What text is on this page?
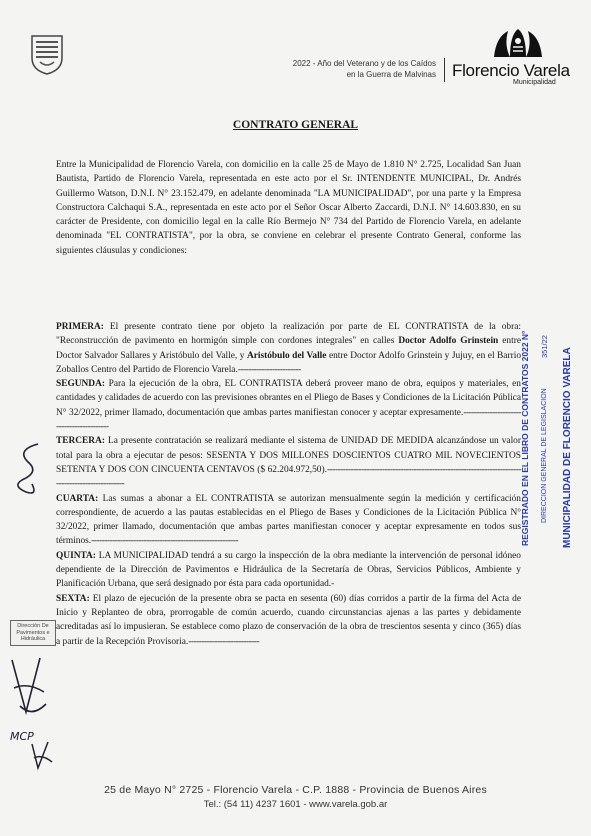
2022 - Año del Veterano y de los Caídos
en la Guerra de Malvinas Florencio Varela
Municipalidad
CONTRATO GENERAL

Entre la Municipalidad de Florencio Varela, con domicilio en la calle 25 de Mayo de 1.810 N° 2.725, Localidad San Juan Bautista, Partido de Florencio Varela, representada en este acto por el Sr. INTENDENTE MUNICIPAL, Dr. Andrés Guillermo Watson, D.N.I. N° 23.152.479, en adelante denominada "LA MUNICIPALIDAD", por una parte y la Empresa Constructora Calchaqui S.A., representada en este acto por el Señor Oscar Alberto Zaccardi, D.N.I. N° 14.603.830, en su carácter de Presidente, con domicilio legal en la calle Río Bermejo N° 734 del Partido de Florencio Varela, en adelante denominada "EL CONTRATISTA", por la obra, se conviene en celebrar el presente Contrato General, conforme las siguientes cláusulas y condiciones:

PRIMERA: El presente contrato tiene por objeto la realización por parte de EL CONTRATISTA de la obra: "Reconstrucción de pavimento en hormigón simple con cordones integrales" en calles Doctor Adolfo Grinstein entre Doctor Salvador Sallares y Aristóbulo del Valle, y Aristóbulo del Valle entre Doctor Adolfo Grinstein y Jujuy, en el Barrio Zoballos Centro del Partido de Florencio Varela.------------------------

SEGUNDA: Para la ejecución de la obra, EL CONTRATISTA deberá proveer mano de obra, equipos y materiales, en cantidades y calidades de acuerdo con las previsiones obrantes en el Pliego de Bases y Condiciones de la Licitación Pública N° 32/2022, primer llamado, documentación que ambas partes manifiestan conocer y aceptar expresamente.------------------------------------------

TERCERA: La presente contratación se realizará mediante el sistema de UNIDAD DE MEDIDA alcanzándose un valor total para la obra a ejecutar de pesos: SESENTA Y DOS MILLONES DOSCIENTOS CUATRO MIL NOVECIENTOS SETENTA Y DOS CON CINCUENTA CENTAVOS ($ 62.204.972,50).----------------------------------------------------------------------------------------------------

CUARTA: Las sumas a abonar a EL CONTRATISTA se autorizan mensualmente según la medición y certificación correspondiente, de acuerdo a las pautas establecidas en el Pliego de Bases y Condiciones de la Licitación Pública N° 32/2022, primer llamado, documentación que ambas partes manifiestan conocer y aceptar expresamente en todos sus términos.--------------------------------------------------------

QUINTA: LA MUNICIPALIDAD tendrá a su cargo la inspección de la obra mediante la intervención de personal idóneo dependiente de la Dirección de Pavimentos e Hidráulica de la Secretaría de Obras, Servicios Públicos, Ambiente y Planificación Urbana, que será designado por ésta para cada oportunidad.-

SEXTA: El plazo de ejecución de la presente obra se pacta en sesenta (60) días corridos a partir de la firma del Acta de Inicio y Replanteo de obra, prorrogable de común acuerdo, cuando circunstancias ajenas a las partes y debidamente acreditadas así lo impusieran. Se establece como plazo de conservación de la obra de trescientos sesenta y cinco (365) días a partir de la Recepción Provisoria.---------------------------

REGISTRADO EN EL LIBRO DE CONTRATOS 2022 N° 351/22
DIRECCION GENERAL DE LEGISLACION MUNICIPALIDAD DE FLORENCIO VARELA
Dirección De Pavimentos e Hidráulica
MCP
25 de Mayo N° 2725 - Florencio Varela - C.P. 1888 - Provincia de Buenos Aires
Tel.: (54 11) 4237 1601 - www.varela.gob.ar
